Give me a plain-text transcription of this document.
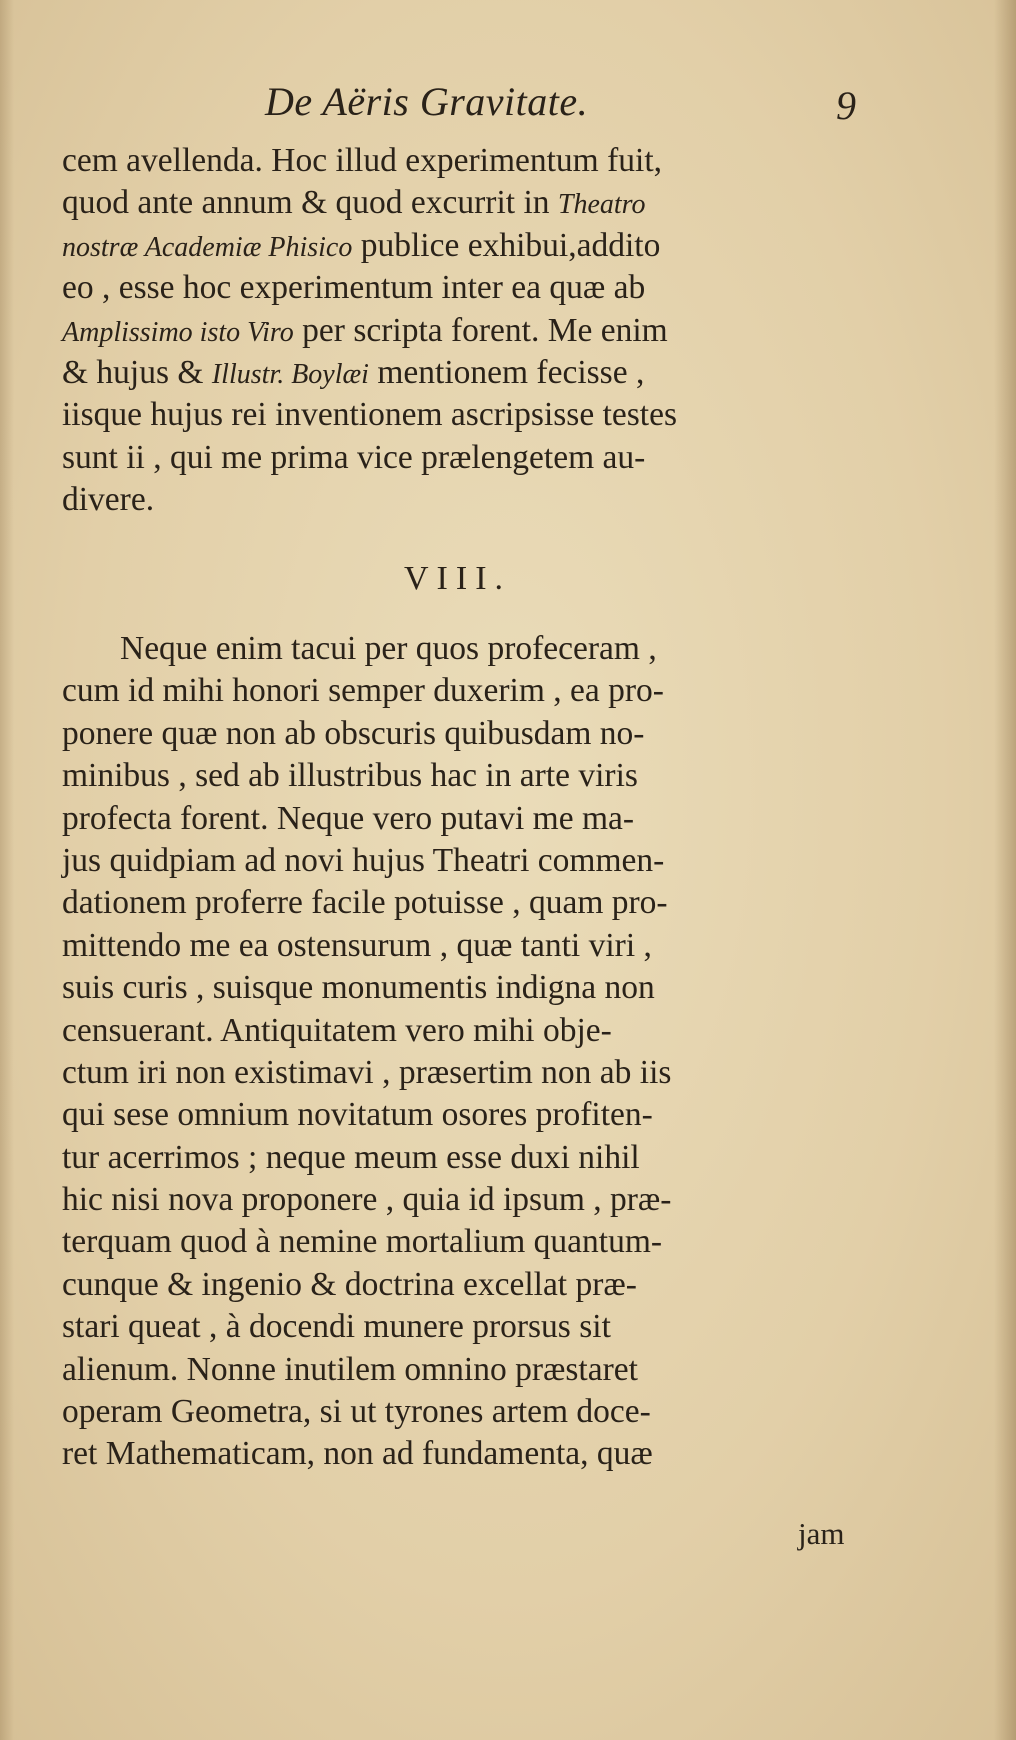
De Aëris Gravitate.	9
cem avellenda. Hoc illud experimentum fuit,
quod ante annum & quod excurrit in Theatro
nostræ Academiæ Phisico publice exhibui,addito
eo , esse hoc experimentum inter ea quæ ab
Amplissimo isto Viro per scripta forent. Me enim
& hujus & Illustr. Boylæi mentionem fecisse ,
iisque hujus rei inventionem ascripsisse testes
sunt ii , qui me prima vice prælengetem au-
divere.
VIII.
Neque enim tacui per quos profeceram ,
cum id mihi honori semper duxerim , ea pro-
ponere quæ non ab obscuris quibusdam no-
minibus , sed ab illustribus hac in arte viris
profecta forent. Neque vero putavi me ma-
jus quidpiam ad novi hujus Theatri commen-
dationem proferre facile potuisse , quam pro-
mittendo me ea ostensurum , quæ tanti viri ,
suis curis , suisque monumentis indigna non
censuerant. Antiquitatem vero mihi obje-
ctum iri non existimavi , præsertim non ab iis
qui sese omnium novitatum osores profiten-
tur acerrimos ; neque meum esse duxi nihil
hic nisi nova proponere , quia id ipsum , præ-
terquam quod à nemine mortalium quantum-
cunque & ingenio & doctrina excellat præ-
stari queat , à docendi munere prorsus sit
alienum. Nonne inutilem omnino præstaret
operam Geometra, si ut tyrones artem doce-
ret Mathematicam, non ad fundamenta, quæ
jam
